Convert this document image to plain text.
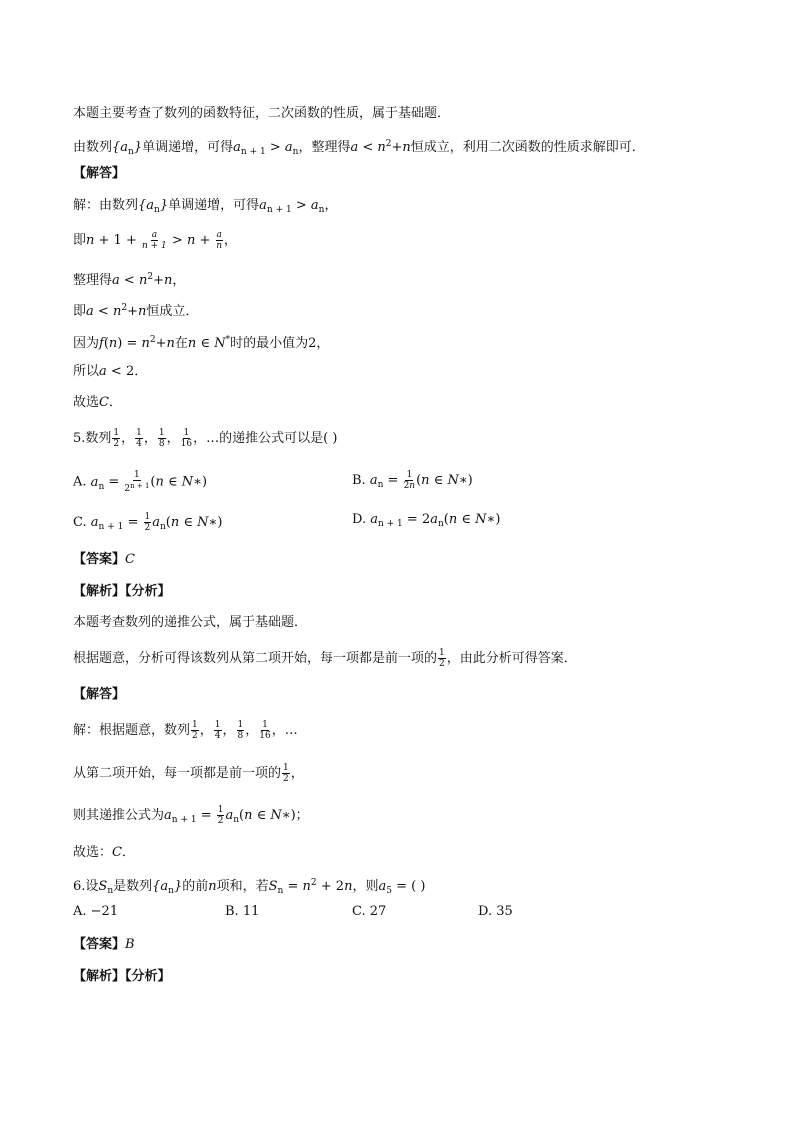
本题主要考查了数列的函数特征，二次函数的性质，属于基础题．
由数列$\{a_n\}$单调递增，可得$a_{n + 1} > a_n$，整理得$a < n^2+n$恒成立，利用二次函数的性质求解即可．
【解答】
解：由数列$\{a_n\}$单调递增，可得$a_{n + 1} > a_n$，
即$n + 1 + \frac{a}{n + 1} > n + \frac{a}{n}$ ，
整理得$a < n^2+n$，
即$a < n^2+n$恒成立．
因为$f(n) = n^2+n$在n ∈ N*时的最小值为2，
所以a < 2．
故选C．
5.数列 $\frac{1}{2}$ ， $\frac{1}{4}$ ， $\frac{1}{8}$ ， $\frac{1}{16}$ ，…的递推公式可以是( )
A. $a_n = \frac{1}{2^{n + 1}} (n$ ∈ N∗)	B. $a_n = \frac{1}{2n} (n$ ∈ N∗)
C. $a_{n + 1} = \frac{1}{2} a_n(n$ ∈ N∗)	D. $a_{n + 1} = 2a_n(n$ ∈ N∗)
【答案】C
【解析】【分析】
本题考查数列的递推公式，属于基础题．
根据题意，分析可得该数列从第二项开始，每一项都是前一项的 $\frac{1}{2}$ ，由此分析可得答案．
【解答】
解：根据题意，数列 $\frac{1}{2}$ ， $\frac{1}{4}$ ， $\frac{1}{8}$ ， $\frac{1}{16}$ ，…
从第二项开始，每一项都是前一项的 $\frac{1}{2}$ ，
则其递推公式为$a_{n + 1} = \frac{1}{2} a_n(n$ ∈ N∗)；
故选：C．
6.设$S_n$是数列$\{a_n\}$的前n项和，若$S_n = n^2 + 2n$，则$a_5$ = ( )
A. −21	B. 11	C. 27	D. 35
【答案】B
【解析】【分析】
